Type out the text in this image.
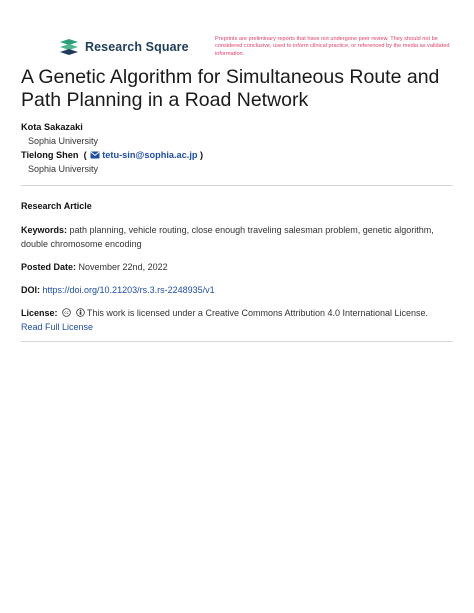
Research Square
Preprints are preliminary reports that have not undergone peer review. They should not be considered conclusive, used to inform clinical practice, or referenced by the media as validated information.
A Genetic Algorithm for Simultaneous Route and Path Planning in a Road Network
Kota Sakazaki
Sophia University
Tielong Shen  ( tetu-sin@sophia.ac.jp )
Sophia University
Research Article
Keywords: path planning, vehicle routing, close enough traveling salesman problem, genetic algorithm, double chromosome encoding
Posted Date: November 22nd, 2022
DOI: https://doi.org/10.21203/rs.3.rs-2248935/v1
License: cc This work is licensed under a Creative Commons Attribution 4.0 International License.
Read Full License
